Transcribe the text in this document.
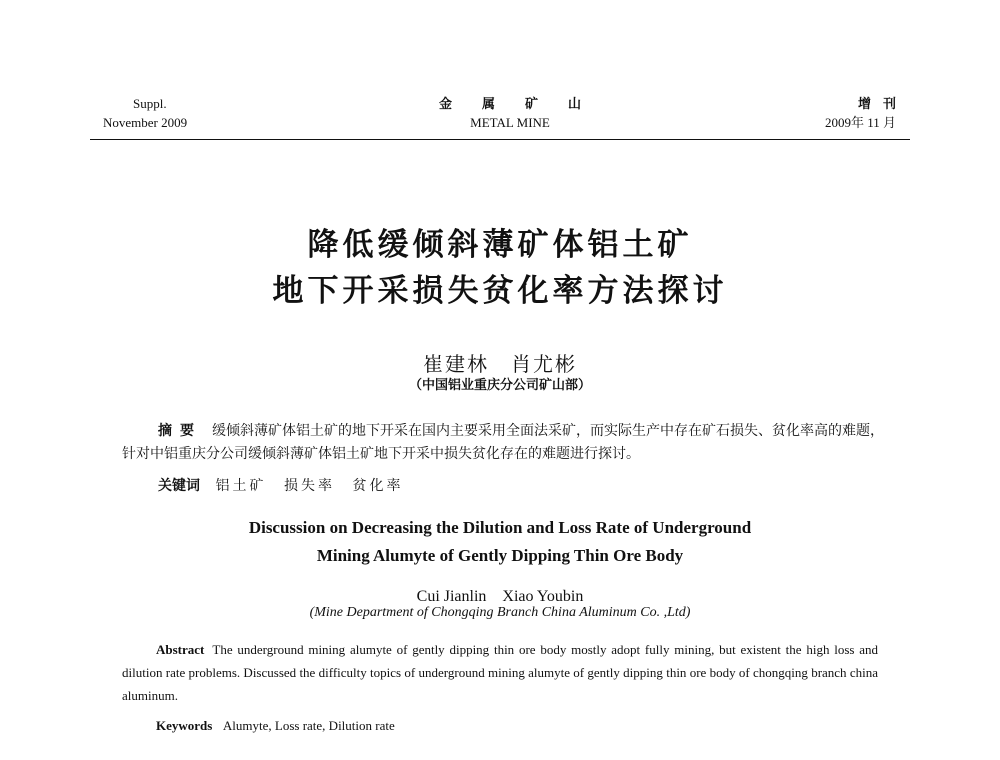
Suppl.
November 2009
金属矿山
METAL MINE
增刊
2009年 11 月
降低缓倾斜薄矿体铝土矿
地下开采损失贫化率方法探讨
崔建林　肖尤彬
（中国铝业重庆分公司矿山部）
摘要 缓倾斜薄矿体铝土矿的地下开采在国内主要采用全面法采矿，而实际生产中存在矿石损失、贫化率高的难题，针对中铝重庆分公司缓倾斜薄矿体铝土矿地下开采中损失贫化存在的难题进行探讨。
关键词 铝土矿 损失率 贫化率
Discussion on Decreasing the Dilution and Loss Rate of Underground
Mining Alumyte of Gently Dipping Thin Ore Body
Cui Jianlin　Xiao Youbin
(Mine Department of Chongqing Branch China Aluminum Co. ,Ltd)
Abstract The underground mining alumyte of gently dipping thin ore body mostly adopt fully mining, but existent the high loss and dilution rate problems. Discussed the difficulty topics of underground mining alumyte of gently dipping thin ore body of chongqing branch china aluminum.
Keywords Alumyte, Loss rate, Dilution rate
